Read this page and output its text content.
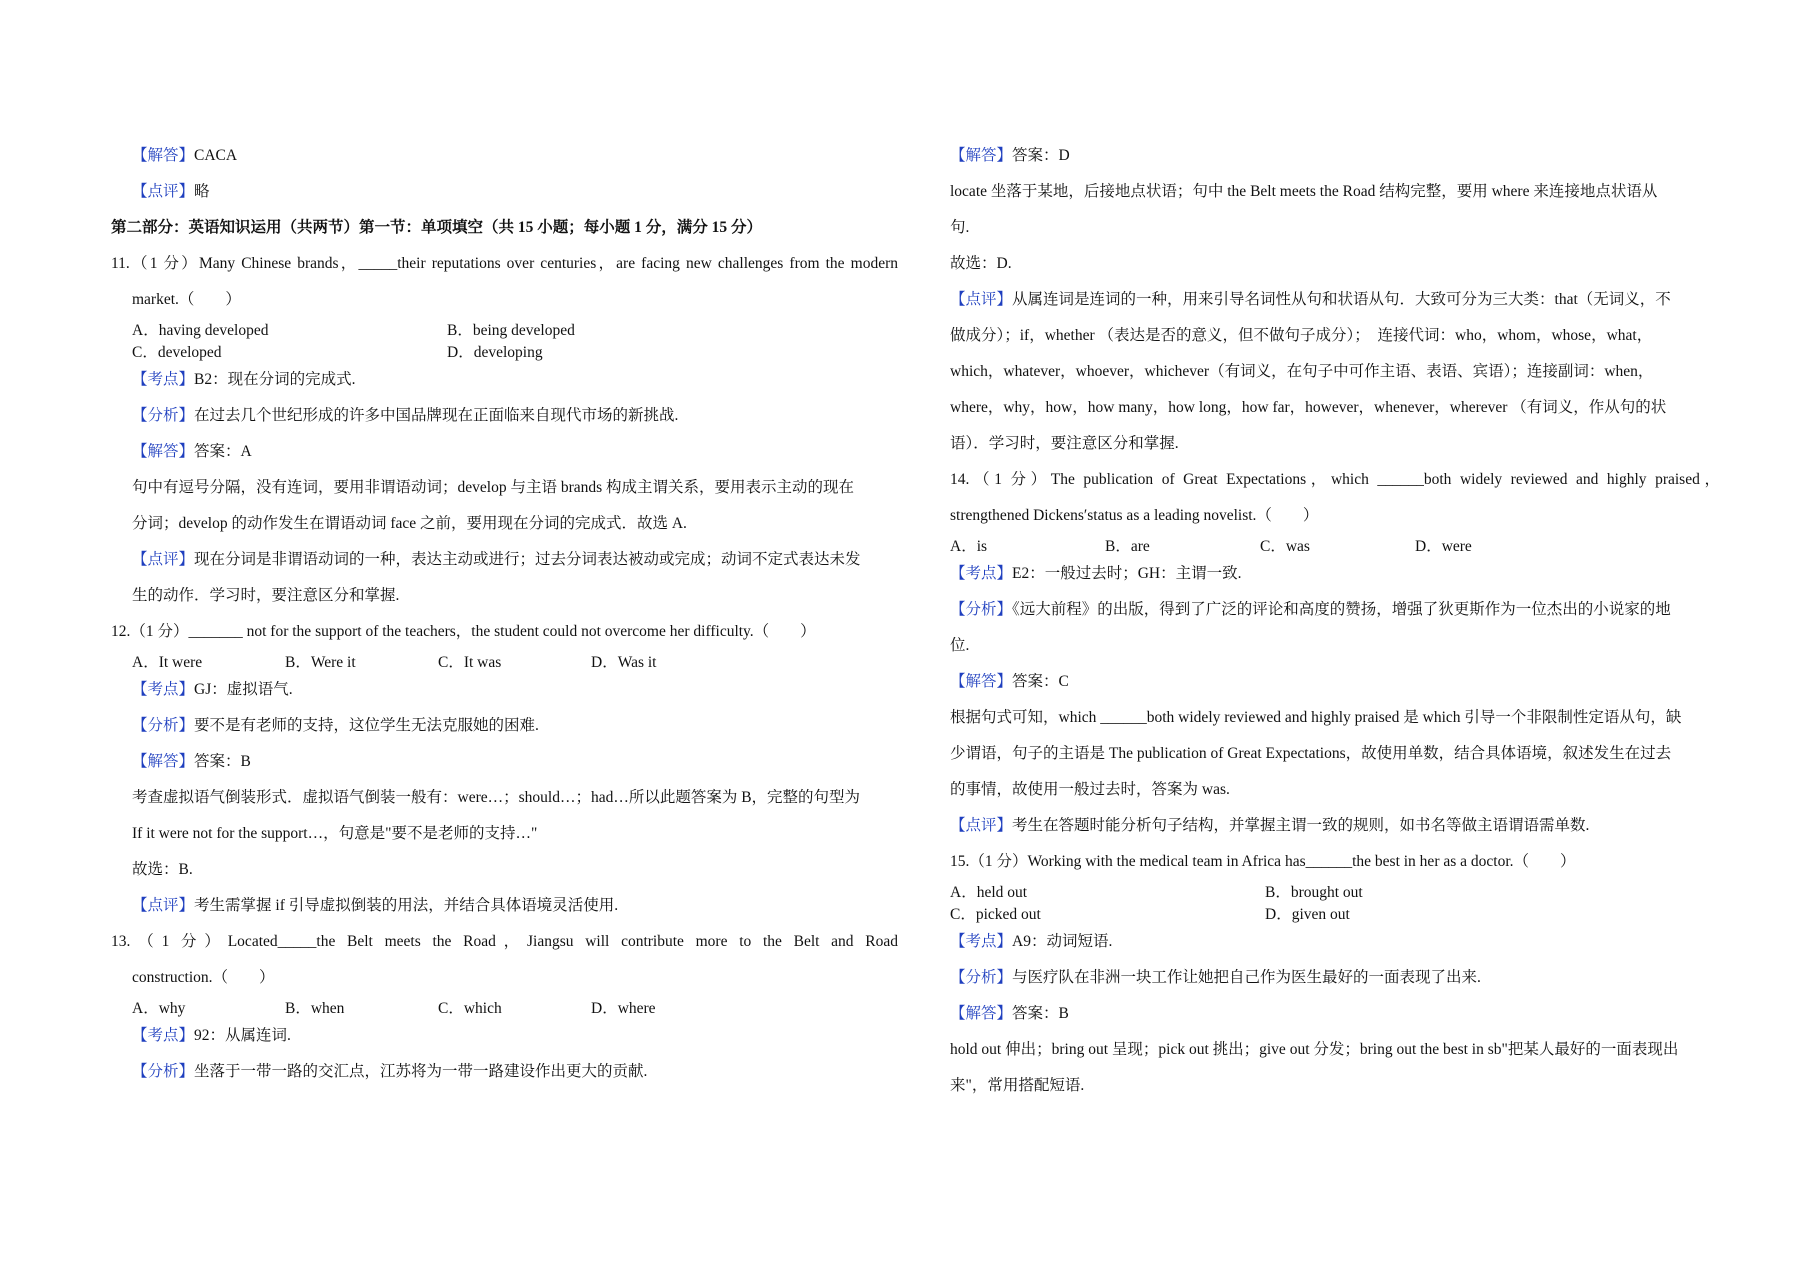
【解答】CACA
【点评】略
第二部分：英语知识运用（共两节）第一节：单项填空（共 15 小题；每小题 1 分，满分 15 分）
11.（1 分）Many Chinese brands，_____their reputations over centuries，are facing new challenges from the modern
market.（　　）
A．having developed	B．being developed
C．developed	D．developing
【考点】B2：现在分词的完成式.
【分析】在过去几个世纪形成的许多中国品牌现在正面临来自现代市场的新挑战.
【解答】答案：A
句中有逗号分隔，没有连词，要用非谓语动词；develop 与主语 brands 构成主谓关系，要用表示主动的现在
分词；develop 的动作发生在谓语动词 face 之前，要用现在分词的完成式．故选 A.
【点评】现在分词是非谓语动词的一种，表达主动或进行；过去分词表达被动或完成；动词不定式表达未发
生的动作．学习时，要注意区分和掌握.
12.（1 分）_______ not for the support of the teachers，the student could not overcome her difficulty.（　　）
A．It were	B．Were it	C．It was	D．Was it
【考点】GJ：虚拟语气.
【分析】要不是有老师的支持，这位学生无法克服她的困难.
【解答】答案：B
考查虚拟语气倒装形式．虚拟语气倒装一般有：were…；should…；had…所以此题答案为 B，完整的句型为
If it were not for the support…，句意是"要不是老师的支持…"
故选：B.
【点评】考生需掌握 if 引导虚拟倒装的用法，并结合具体语境灵活使用.
13.（1 分）Located_____the Belt meets the Road，Jiangsu will contribute more to the Belt and Road
construction.（　　）
A．why	B．when	C．which	D．where
【考点】92：从属连词.
【分析】坐落于一带一路的交汇点，江苏将为一带一路建设作出更大的贡献.
【解答】答案：D
locate 坐落于某地，后接地点状语；句中 the Belt meets the Road 结构完整，要用 where 来连接地点状语从
句.
故选：D.
【点评】从属连词是连词的一种，用来引导名词性从句和状语从句．大致可分为三大类：that（无词义，不
做成分）；if，whether （表达是否的意义，但不做句子成分）；　连接代词：who，whom，whose，what，
which，whatever，whoever，whichever（有词义，在句子中可作主语、表语、宾语）；连接副词：when，
where，why，how，how many，how long，how far，however，whenever，wherever （有词义，作从句的状
语）．学习时，要注意区分和掌握.
14.（1 分）The publication of Great Expectations，which ______both widely reviewed and highly praised，
strengthened Dickens′status as a leading novelist.（　　）
A．is	B．are	C．was	D．were
【考点】E2：一般过去时；GH：主谓一致.
【分析】《远大前程》的出版，得到了广泛的评论和高度的赞扬，增强了狄更斯作为一位杰出的小说家的地
位.
【解答】答案：C
根据句式可知，which ______both widely reviewed and highly praised 是 which 引导一个非限制性定语从句，缺
少谓语，句子的主语是 The publication of Great Expectations，故使用单数，结合具体语境，叙述发生在过去
的事情，故使用一般过去时，答案为 was.
【点评】考生在答题时能分析句子结构，并掌握主谓一致的规则，如书名等做主语谓语需单数.
15.（1 分）Working with the medical team in Africa has______the best in her as a doctor.（　　）
A．held out	B．brought out
C．picked out	D．given out
【考点】A9：动词短语.
【分析】与医疗队在非洲一块工作让她把自己作为医生最好的一面表现了出来.
【解答】答案：B
hold out 伸出；bring out 呈现；pick out 挑出；give out 分发；bring out the best in sb"把某人最好的一面表现出
来"，常用搭配短语.
